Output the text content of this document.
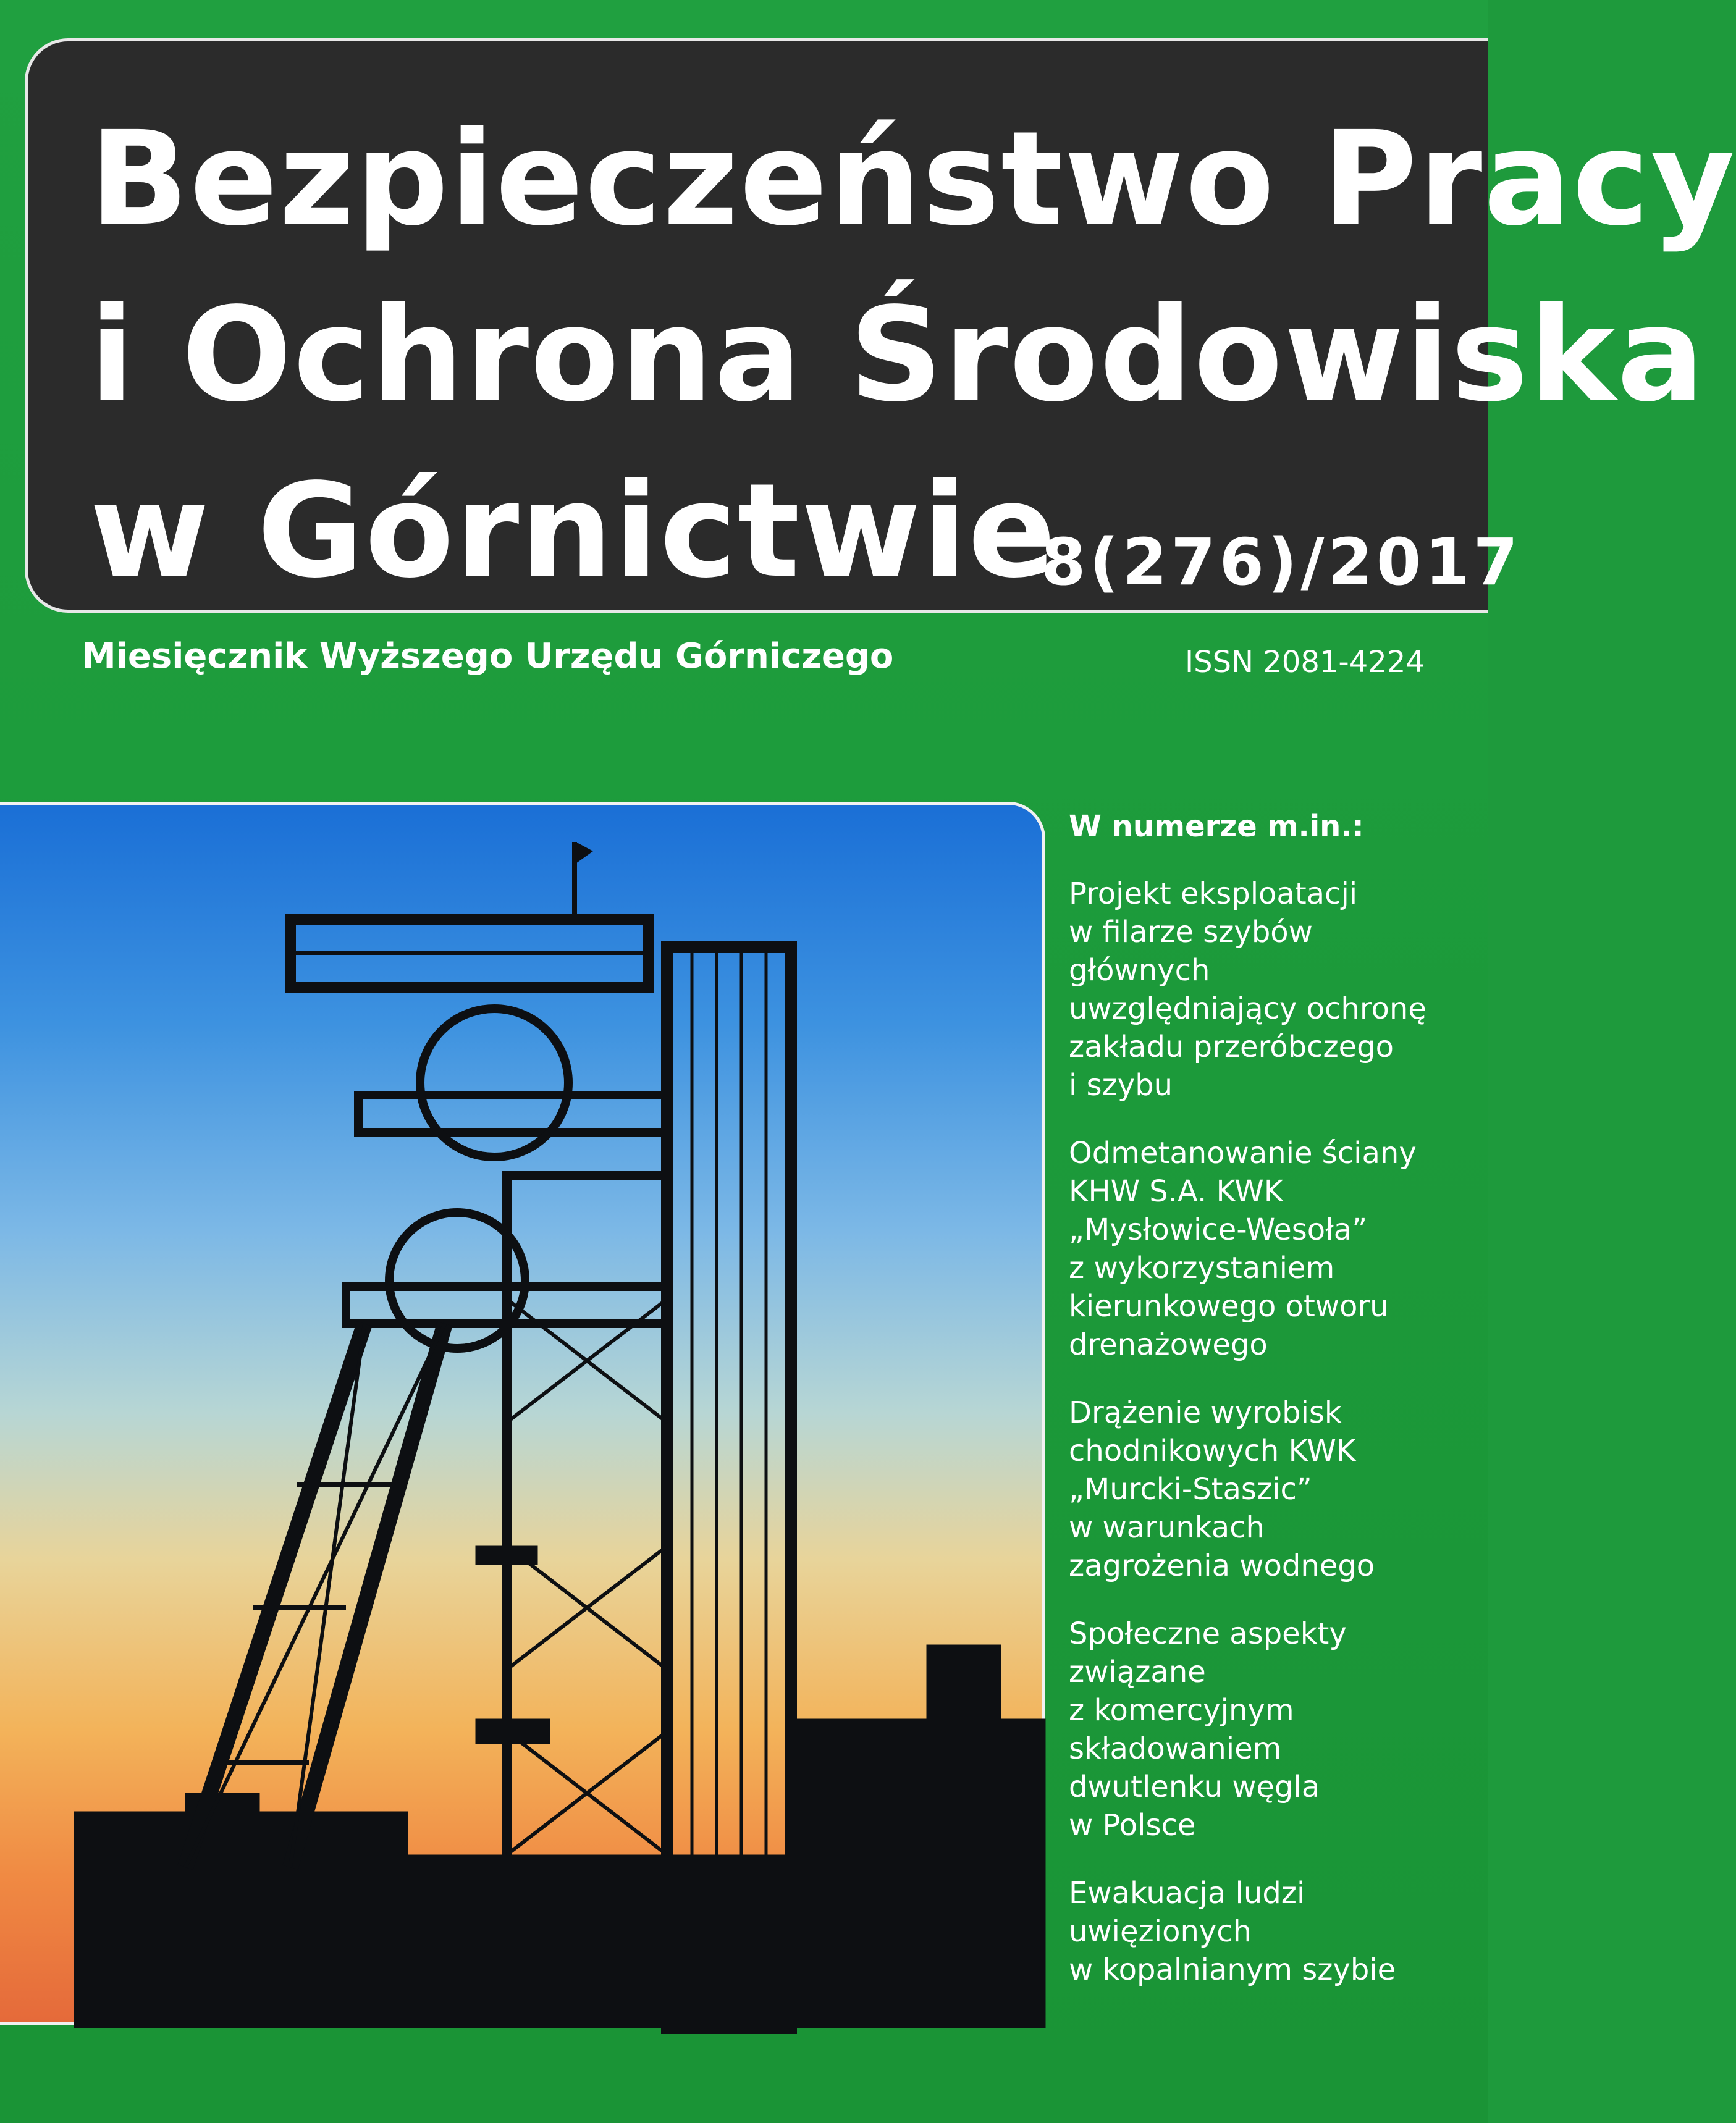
Bezpieczeństwo Pracy
i Ochrona Środowiska
w Górnictwie
8(276)/2017
Miesięcznik Wyższego Urzędu Górniczego	ISSN 2081-4224
W numerze m.in.:
Projekt eksploatacji
w filarze szybów
głównych
uwzględniający ochronę
zakładu przeróbczego
i szybu
Odmetanowanie ściany
KHW S.A. KWK
„Mysłowice-Wesoła”
z wykorzystaniem
kierunkowego otworu
drenażowego
Drążenie wyrobisk
chodnikowych KWK
„Murcki-Staszic”
w warunkach
zagrożenia wodnego
Społeczne aspekty
związane
z komercyjnym
składowaniem
dwutlenku węgla
w Polsce
Ewakuacja ludzi
uwięzionych
w kopalnianym szybie
